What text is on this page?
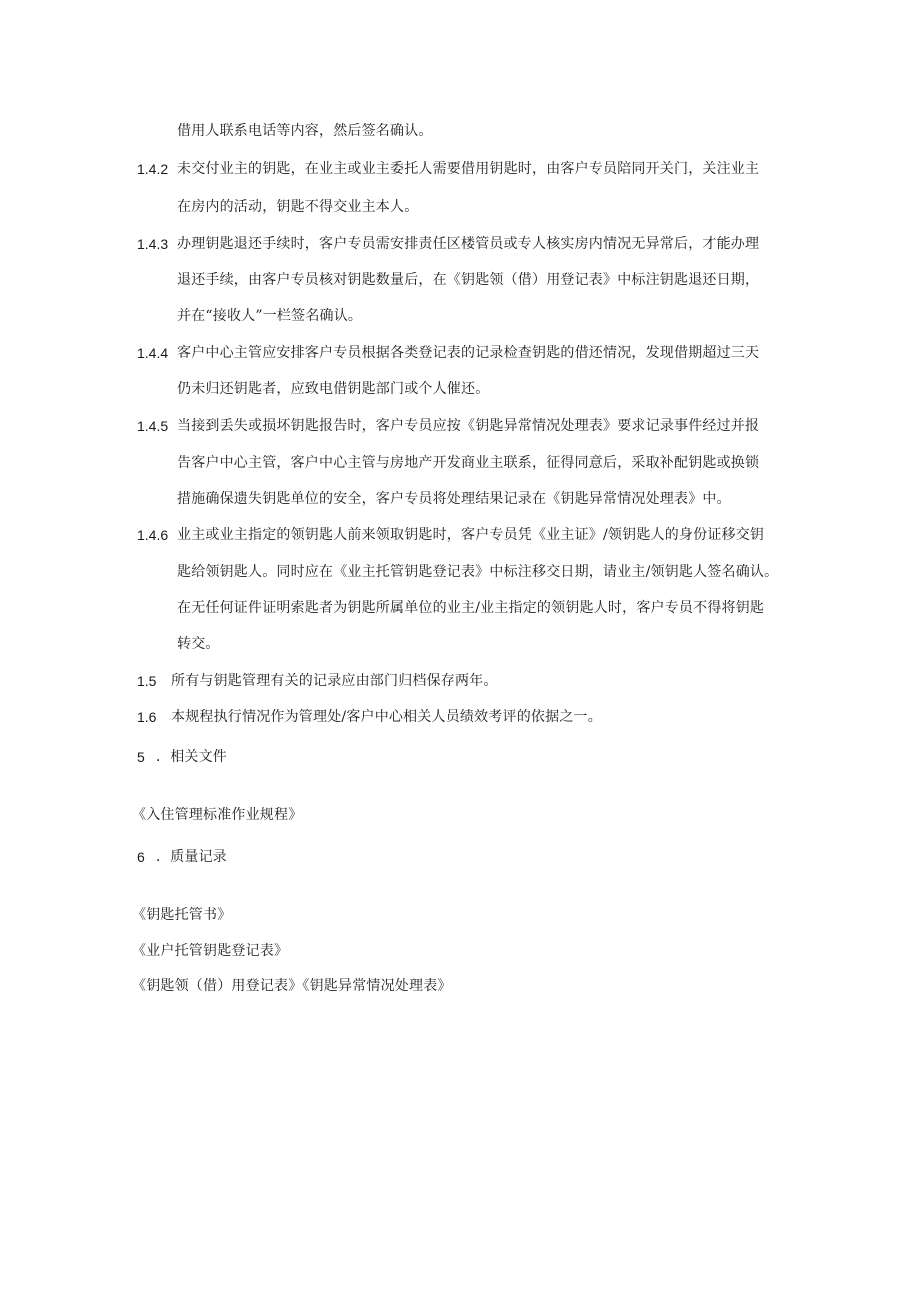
借用人联系电话等内容，然后签名确认。
1.4.2 未交付业主的钥匙，在业主或业主委托人需要借用钥匙时，由客户专员陪同开关门，关注业主
在房内的活动，钥匙不得交业主本人。
1.4.3 办理钥匙退还手续时，客户专员需安排责任区楼管员或专人核实房内情况无异常后，才能办理
退还手续，由客户专员核对钥匙数量后，在《钥匙领（借）用登记表》中标注钥匙退还日期，
并在“接收人”一栏签名确认。
1.4.4 客户中心主管应安排客户专员根据各类登记表的记录检查钥匙的借还情况，发现借期超过三天
仍未归还钥匙者，应致电借钥匙部门或个人催还。
1.4.5 当接到丢失或损坏钥匙报告时，客户专员应按《钥匙异常情况处理表》要求记录事件经过并报
告客户中心主管，客户中心主管与房地产开发商业主联系，征得同意后，采取补配钥匙或换锁
措施确保遗失钥匙单位的安全，客户专员将处理结果记录在《钥匙异常情况处理表》中。
1.4.6 业主或业主指定的领钥匙人前来领取钥匙时，客户专员凭《业主证》/领钥匙人的身份证移交钥
匙给领钥匙人。同时应在《业主托管钥匙登记表》中标注移交日期，请业主/领钥匙人签名确认。
在无任何证件证明索匙者为钥匙所属单位的业主/业主指定的领钥匙人时，客户专员不得将钥匙
转交。
1.5 所有与钥匙管理有关的记录应由部门归档保存两年。
1.6 本规程执行情况作为管理处/客户中心相关人员绩效考评的依据之一。
5 ．相关文件
《入住管理标准作业规程》
6 ．质量记录
《钥匙托管书》
《业户托管钥匙登记表》
《钥匙领（借）用登记表》《钥匙异常情况处理表》
